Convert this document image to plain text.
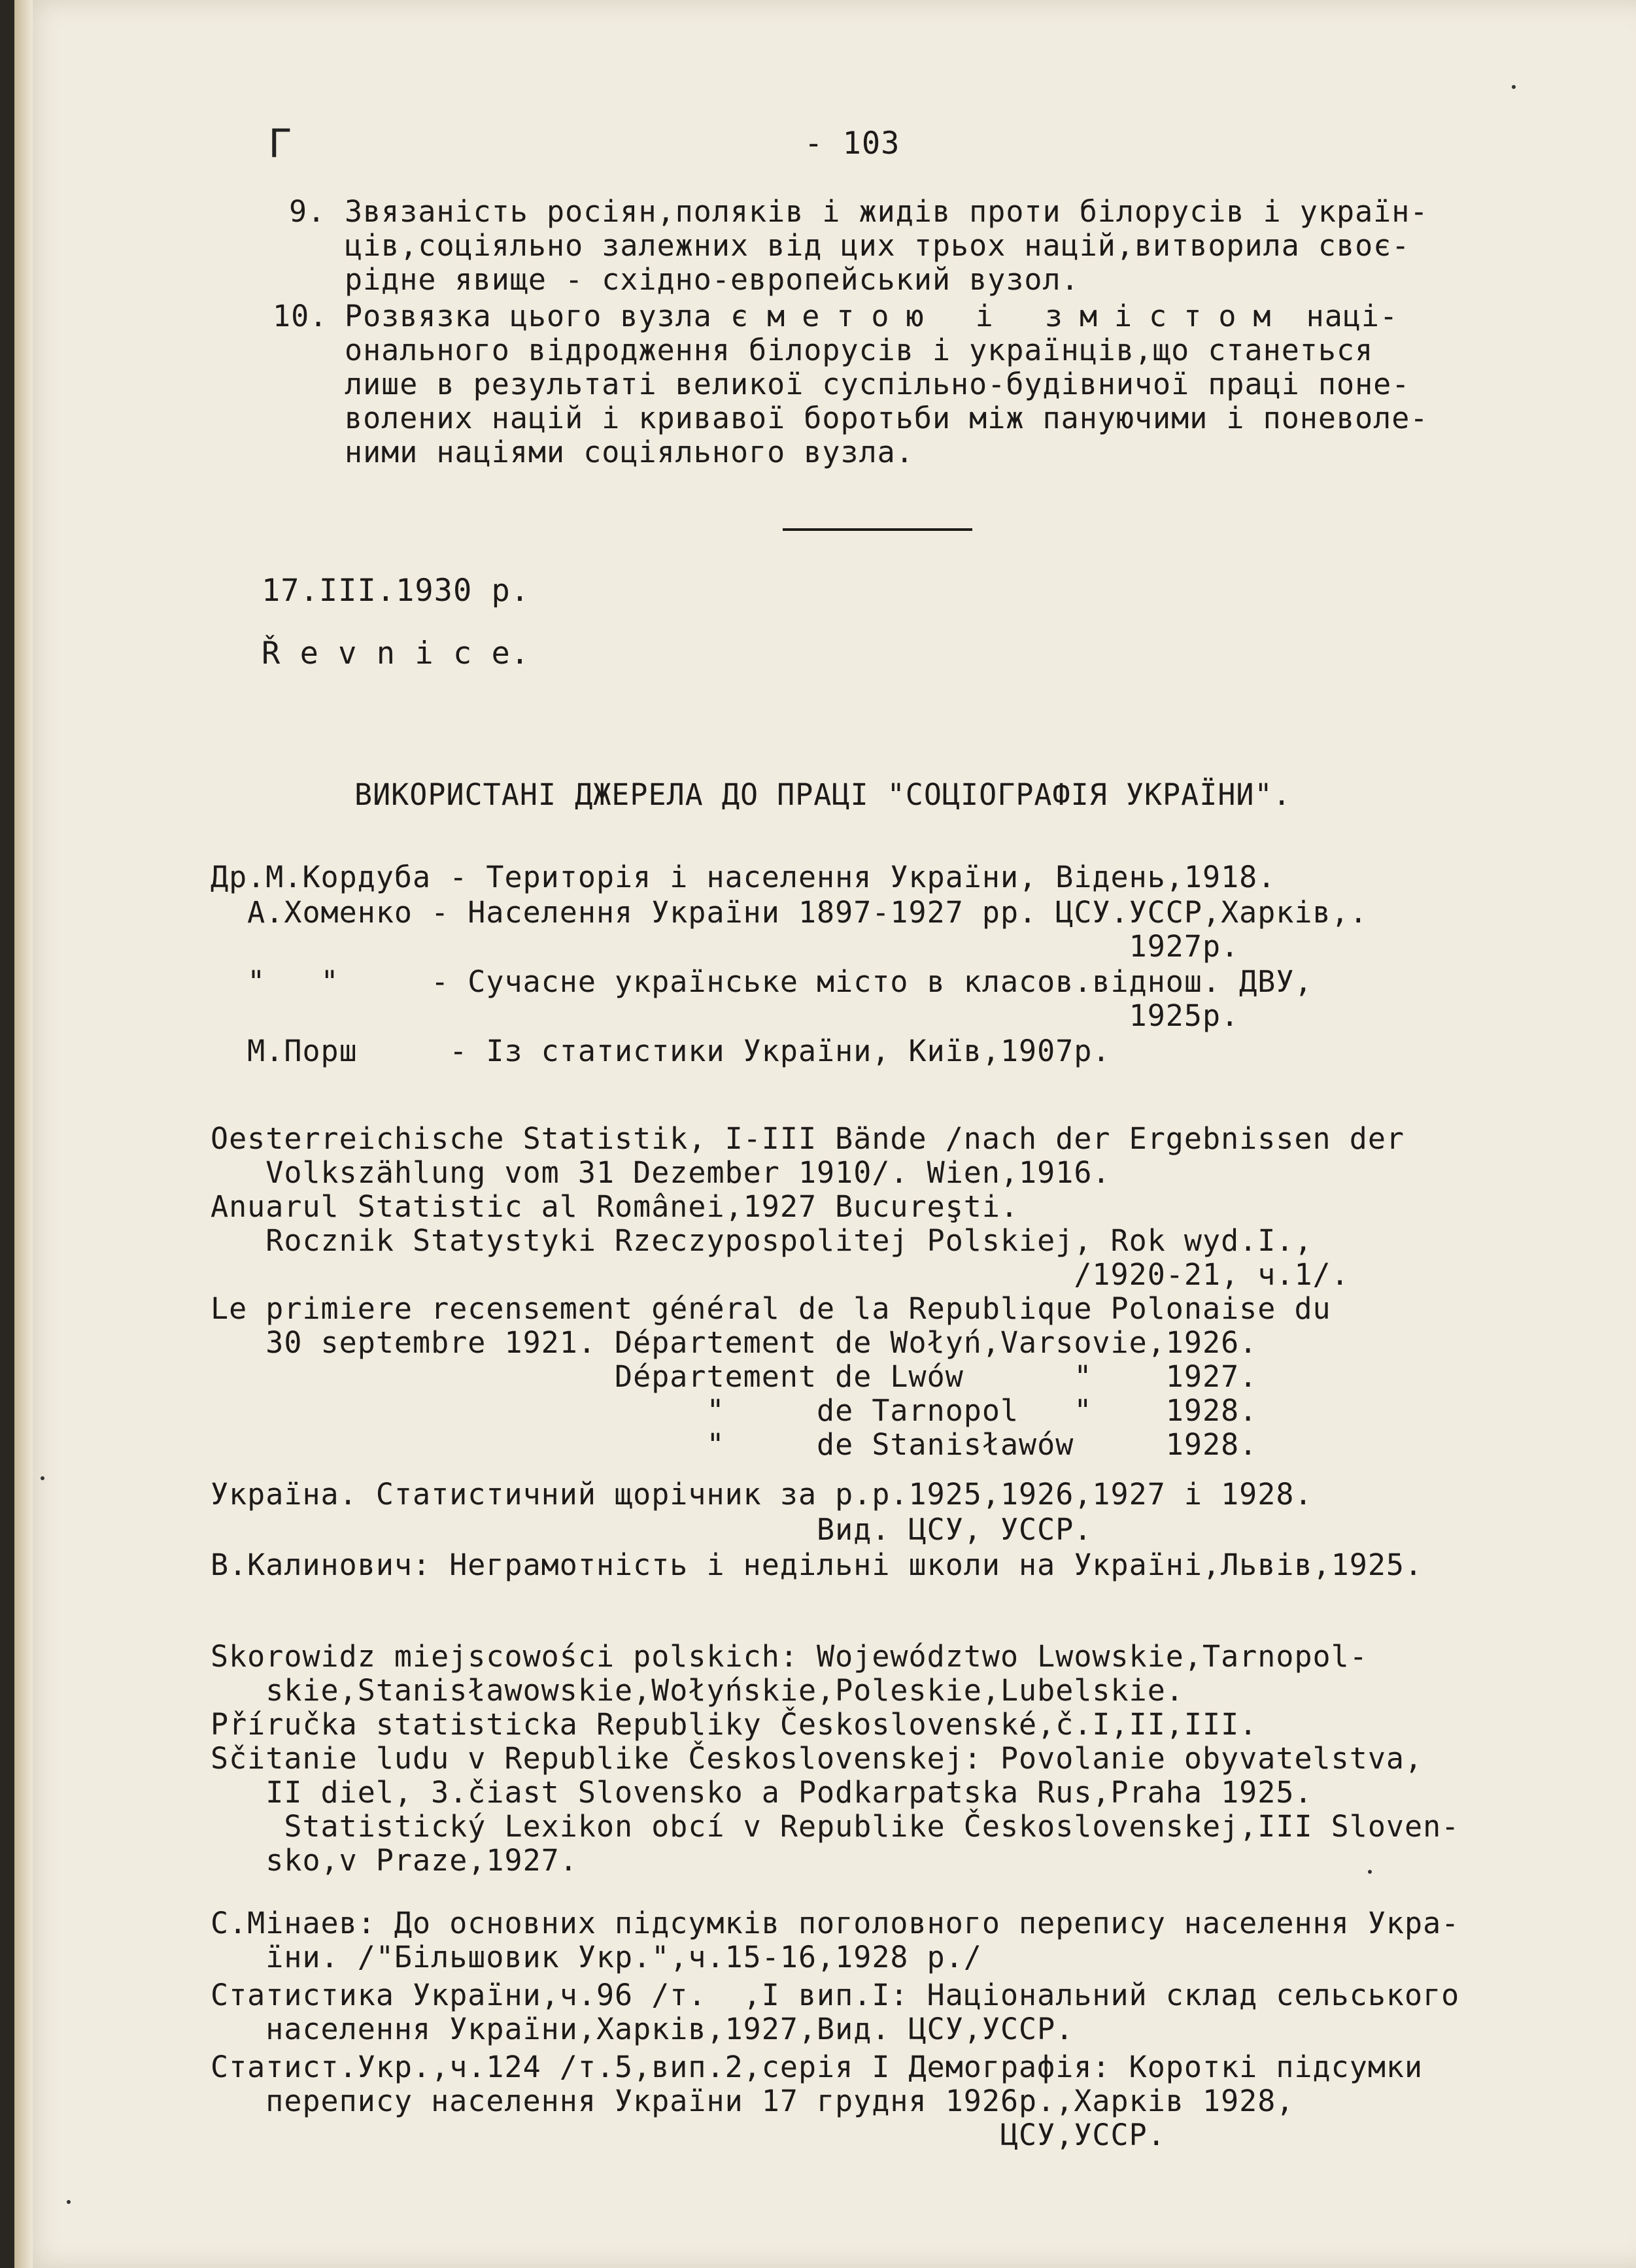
Г	- 103
9. Звязаність росіян,поляків і жидів проти білорусів і україн-
ців,соціяльно залежних від цих трьох націй,витворила своє-
рідне явище - східно-европейський вузол.
10. Розвязка цього вузла є метою і змістом наці-
онального відродження білорусів і українців,що станеться
лише в результаті великої суспільно-будівничої праці поне-
волених націй і кривавої боротьби між пануючими і поневоле-
ними націями соціяльного вузла.
17.III.1930 р.
Ř e v n i c e.
ВИКОРИСТАНІ ДЖЕРЕЛА ДО ПРАЦІ "СОЦІОГРАФІЯ УКРАЇНИ".
Др.М.Кордуба - Територія і населення України, Відень,1918.
А.Хоменко - Населення України 1897-1927 рр. ЦСУ.УССР,Харків,.
1927р.
"   "     - Сучасне українське місто в класов.віднош. ДВУ,
1925р.
М.Порш     - Із статистики України, Київ,1907р.
Oesterreichische Statistik, I-III Bände /nach der Ergebnissen der
Volkszählung vom 31 Dezember 1910/. Wien,1916.
Anuarul Statistic al Românei,1927 Bucureşti.
Rocznik Statystyki Rzeczypospolitej Polskiej, Rok wyd.I.,
/1920-21, ч.1/.
Le primiere recensement général de la Republique Polonaise du
30 septembre 1921. Département de Wołyń,Varsovie,1926.
Département de Lwów      "    1927.
"     de Tarnopol   "    1928.
"     de Stanisławów     1928.
Україна. Статистичний щорічник за р.р.1925,1926,1927 і 1928.
Вид. ЦСУ, УССР.
В.Калинович: Неграмотність і недільні школи на Україні,Львів,1925.
Skorowidz miejscowości polskich: Województwo Lwowskie,Tarnopol-
skie,Stanisławowskie,Wołyńskie,Poleskie,Lubelskie.
Příručka statisticka Republiky Československé,č.I,II,III.
Sčitanie ludu v Republike Československej: Povolanie obyvatelstva,
II diel, 3.čiast Slovensko a Podkarpatska Rus,Praha 1925.
Statistický Lexikon obcí v Republike Československej,III Sloven-
sko,v Praze,1927.
С.Мінаев: До основних підсумків поголовного перепису населення Укра-
їни. /"Більшовик Укр.",ч.15-16,1928 р./
Статистика України,ч.96 /т.  ,I вип.I: Національний склад сельського
населення України,Харків,1927,Вид. ЦСУ,УССР.
Статист.Укр.,ч.124 /т.5,вип.2,серія I Демографія: Короткі підсумки
перепису населення України 17 грудня 1926р.,Харків 1928,
ЦСУ,УССР.
